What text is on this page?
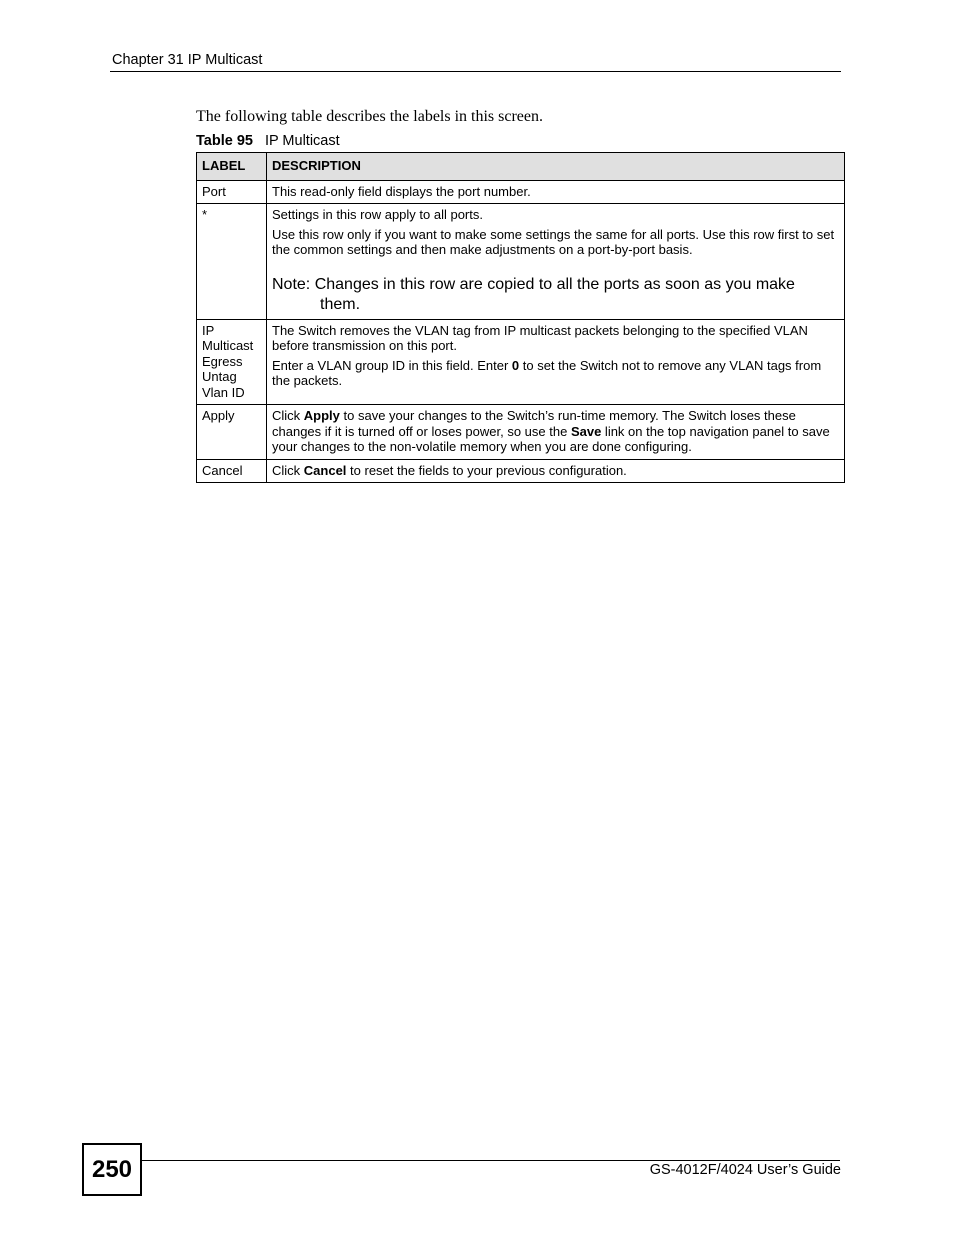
Chapter 31 IP Multicast
The following table describes the labels in this screen.
Table 95 IP Multicast
LABEL	DESCRIPTION
Port	This read-only field displays the port number.

*	Settings in this row apply to all ports.

Use this row only if you want to make some settings the same for all ports. Use this row first to set the common settings and then make adjustments on a port-by-port basis.

Note: Changes in this row are copied to all the ports as soon as you make them.

IP Multicast Egress Untag Vlan ID	The Switch removes the VLAN tag from IP multicast packets belonging to the specified VLAN before transmission on this port.

Enter a VLAN group ID in this field. Enter 0 to set the Switch not to remove any VLAN tags from the packets.

Apply	Click Apply to save your changes to the Switch’s run-time memory. The Switch loses these changes if it is turned off or loses power, so use the Save link on the top navigation panel to save your changes to the non-volatile memory when you are done configuring.

Cancel	Click Cancel to reset the fields to your previous configuration.

250	GS-4012F/4024 User’s Guide
